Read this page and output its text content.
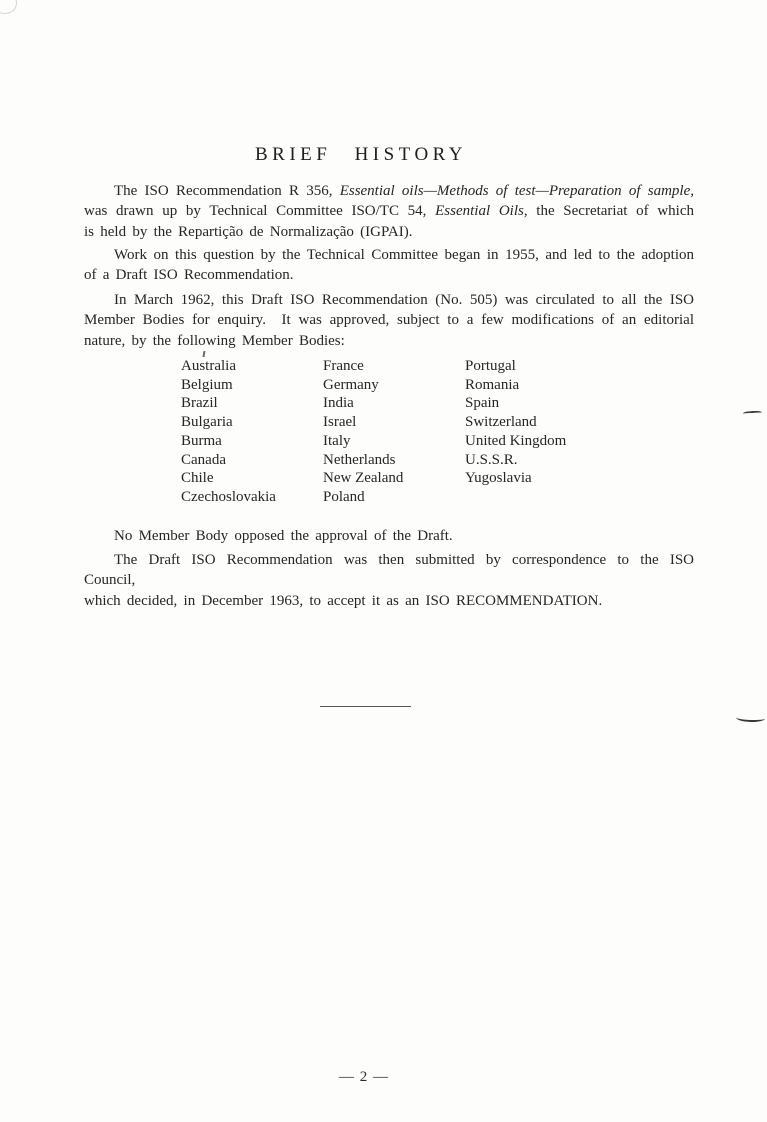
BRIEF HISTORY
The ISO Recommendation R 356, Essential oils—Methods of test—Preparation of sample,
was drawn up by Technical Committee ISO/TC 54, Essential Oils, the Secretariat of which
is held by the Repartição de Normalização (IGPAI).
Work on this question by the Technical Committee began in 1955, and led to the adoption
of a Draft ISO Recommendation.
In March 1962, this Draft ISO Recommendation (No. 505) was circulated to all the ISO
Member Bodies for enquiry.  It was approved, subject to a few modifications of an editorial
nature, by the following Member Bodies:
Australia
Belgium
Brazil
Bulgaria
Burma
Canada
Chile
Czechoslovakia
France
Germany
India
Israel
Italy
Netherlands
New Zealand
Poland
Portugal
Romania
Spain
Switzerland
United Kingdom
U.S.S.R.
Yugoslavia
No Member Body opposed the approval of the Draft.
The Draft ISO Recommendation was then submitted by correspondence to the ISO Council,
which decided, in December 1963, to accept it as an ISO RECOMMENDATION.
— 2 —
